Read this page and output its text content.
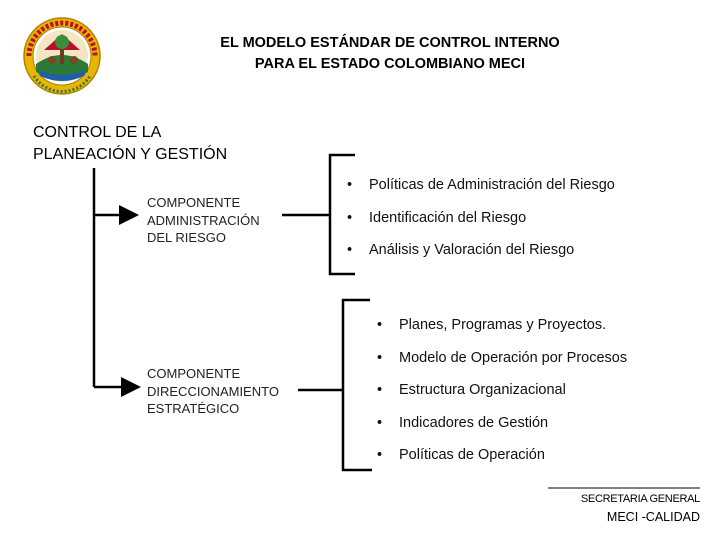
EL MODELO ESTÁNDAR DE CONTROL INTERNO
PARA EL ESTADO COLOMBIANO MECI
CONTROL DE LA
PLANEACIÓN Y GESTIÓN
COMPONENTE
ADMINISTRACIÓN
DEL RIESGO
COMPONENTE
DIRECCIONAMIENTO
ESTRATÉGICO
• Políticas de Administración del Riesgo
• Identificación del Riesgo
• Análisis y Valoración del Riesgo
• Planes, Programas y Proyectos.
• Modelo de Operación por Procesos
• Estructura Organizacional
• Indicadores de Gestión
• Políticas de Operación
SECRETARIA GENERAL
MECI -CALIDAD
